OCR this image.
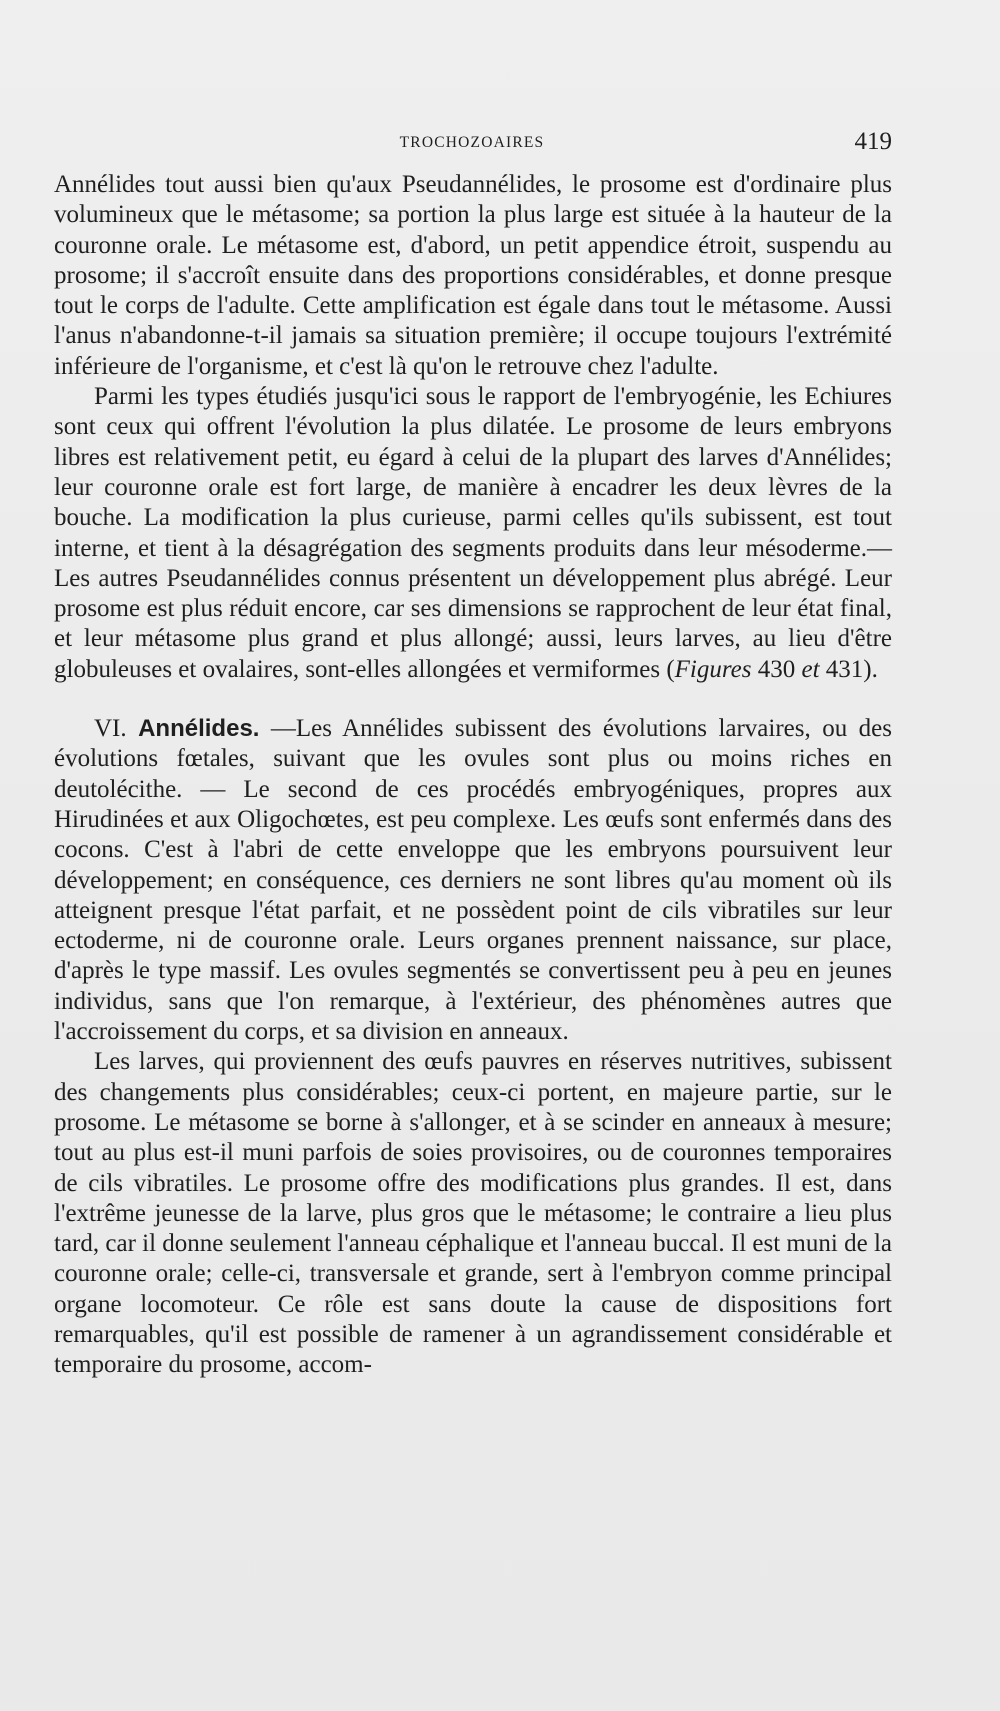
TROCHOZOAIRES	419

Annélides tout aussi bien qu'aux Pseudannélides, le prosome est d'ordinaire plus volumineux que le métasome; sa portion la plus large est située à la hauteur de la couronne orale. Le métasome est, d'abord, un petit appendice étroit, suspendu au prosome; il s'accroît ensuite dans des proportions considérables, et donne presque tout le corps de l'adulte. Cette amplification est égale dans tout le métasome. Aussi l'anus n'abandonne-t-il jamais sa situation première; il occupe toujours l'extrémité inférieure de l'organisme, et c'est là qu'on le retrouve chez l'adulte.

Parmi les types étudiés jusqu'ici sous le rapport de l'embryogénie, les Echiures sont ceux qui offrent l'évolution la plus dilatée. Le prosome de leurs embryons libres est relativement petit, eu égard à celui de la plupart des larves d'Annélides; leur couronne orale est fort large, de manière à encadrer les deux lèvres de la bouche. La modification la plus curieuse, parmi celles qu'ils subissent, est tout interne, et tient à la désagrégation des segments produits dans leur mésoderme.—Les autres Pseudannélides connus présentent un développement plus abrégé. Leur prosome est plus réduit encore, car ses dimensions se rapprochent de leur état final, et leur métasome plus grand et plus allongé; aussi, leurs larves, au lieu d'être globuleuses et ovalaires, sont-elles allongées et vermiformes (Figures 430 et 431).

VI. Annélides. —Les Annélides subissent des évolutions larvaires, ou des évolutions fœtales, suivant que les ovules sont plus ou moins riches en deutolécithe. — Le second de ces procédés embryogéniques, propres aux Hirudinées et aux Oligochœtes, est peu complexe. Les œufs sont enfermés dans des cocons. C'est à l'abri de cette enveloppe que les embryons poursuivent leur développement; en conséquence, ces derniers ne sont libres qu'au moment où ils atteignent presque l'état parfait, et ne possèdent point de cils vibratiles sur leur ectoderme, ni de couronne orale. Leurs organes prennent naissance, sur place, d'après le type massif. Les ovules segmentés se convertissent peu à peu en jeunes individus, sans que l'on remarque, à l'extérieur, des phénomènes autres que l'accroissement du corps, et sa division en anneaux.

Les larves, qui proviennent des œufs pauvres en réserves nutritives, subissent des changements plus considérables; ceux-ci portent, en majeure partie, sur le prosome. Le métasome se borne à s'allonger, et à se scinder en anneaux à mesure; tout au plus est-il muni parfois de soies provisoires, ou de couronnes temporaires de cils vibratiles. Le prosome offre des modifications plus grandes. Il est, dans l'extrême jeunesse de la larve, plus gros que le métasome; le contraire a lieu plus tard, car il donne seulement l'anneau céphalique et l'anneau buccal. Il est muni de la couronne orale; celle-ci, transversale et grande, sert à l'embryon comme principal organe locomoteur. Ce rôle est sans doute la cause de dispositions fort remarquables, qu'il est possible de ramener à un agrandissement considérable et temporaire du prosome, accom-
